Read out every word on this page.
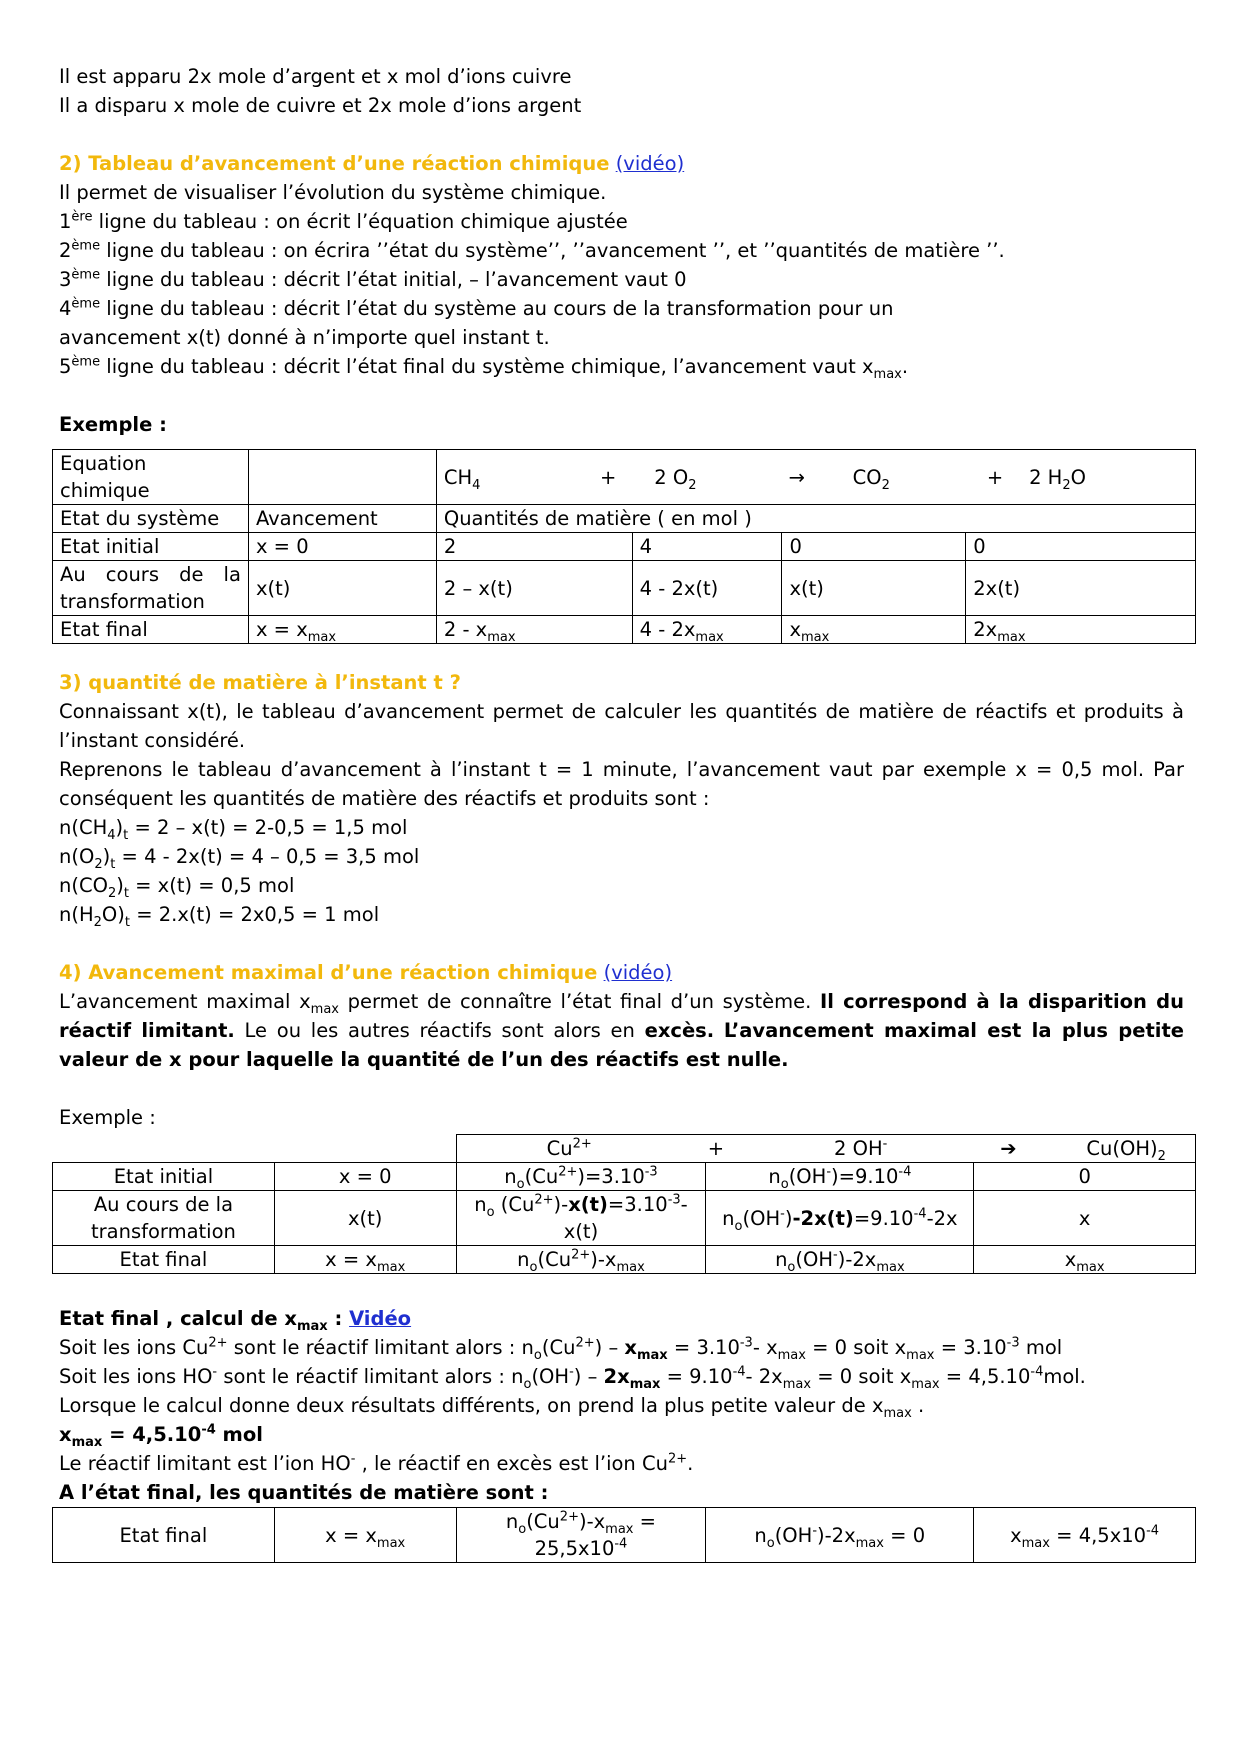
Il est apparu 2x mole d’argent et x mol d’ions cuivre

Il a disparu x mole de cuivre et 2x mole d’ions argent

2) Tableau d’avancement d’une réaction chimique (vidéo)

Il permet de visualiser l’évolution du système chimique.

1ère ligne du tableau : on écrit l’équation chimique ajustée

2ème ligne du tableau : on écrira ’’état du système’’, ’’avancement ’’, et ’’quantités de matière ’’.

3ème ligne du tableau : décrit l’état initial, – l’avancement vaut 0

4ème ligne du tableau : décrit l’état du système au cours de la transformation pour un

avancement x(t) donné à n’importe quel instant t.

5ème ligne du tableau : décrit l’état final du système chimique, l’avancement vaut $x_{max}$.

Exemple :

Equation chimique		$CH_4 + 2$ $O_2 \to CO_2 + 2$ $H_2O$			
Etat du système	Avancement	Quantités de matière ( en mol )			
Etat initial	x = 0	2	4	0	0
Au cours de la transformation	x(t)	2 – x(t)	4 - 2x(t)	x(t)	2x(t)
Etat final	$x = x_{max}$	$2 - x_{max}$	$4 - 2x_{max}$	$x_{max}$	$2x_{max}$

3) quantité de matière à l’instant t ?

Connaissant x(t), le tableau d’avancement permet de calculer les quantités de matière de réactifs et produits à l’instant considéré.

Reprenons le tableau d’avancement à l’instant t = 1 minute, l’avancement vaut par exemple x = 0,5 mol. Par conséquent les quantités de matière des réactifs et produits sont :

$n(CH_4)_t = 2 - x(t) = 2-0,5 = 1,5$ mol

$n(O_2)_t = 4 - 2x(t) = 4 - 0,5 = 3,5$ mol

$n(CO_2)_t = x(t) = 0,5$ mol

$n(H_2O)_t = 2.x(t) = 2x0,5 = 1$ mol

4) Avancement maximal d’une réaction chimique (vidéo)

L’avancement maximal $x_{max}$ permet de connaître l’état final d’un système. Il correspond à la disparition du réactif limitant. Le ou les autres réactifs sont alors en excès. L’avancement maximal est la plus petite valeur de x pour laquelle la quantité de l’un des réactifs est nulle.

Exemple :

		$Cu^{2+} + 2$ OH- ➔ $Cu(OH)_2$
Etat initial	x = 0	$n_o(Cu^{2+})=3.10^{-3}$	$n_o(OH^-)=9.10^{-4}$	0
Au cours de la transformation	x(t)	$n_o$ $(Cu^{2+})-x(t)=3.10^{-3}-$
x(t)	$n_o(OH^-)-2x(t)=9.10^{-4}-2x$	x
Etat final	$x = x_{max}$	$n_o(Cu^{2+})-x_{max}$	$n_o(OH^-)-2x_{max}$	$x_{max}$

Etat final , calcul de $x_{max}$ : Vidéo

Soit les ions $Cu^{2+}$ sont le réactif limitant alors : $n_o(Cu^{2+}) - x_{max} = 3.10^{-3}-$ $x_{max} = 0$ soit $x_{max} = 3.10^{-3}$ mol

Soit les ions HO- sont le réactif limitant alors : $n_o(OH^-) - 2x_{max} = 9.10^{-4}-$ $2x_{max} = 0$ soit $x_{max} = 4,5.10^{-4}mol$.

Lorsque le calcul donne deux résultats différents, on prend la plus petite valeur de $x_{max}$ .

$x_{max} = 4,5.10^{-4}$ mol

Le réactif limitant est l’ion HO- , le réactif en excès est l’ion $Cu^{2+}$.

A l’état final, les quantités de matière sont :

Etat final	$x = x_{max}$	$n_o(Cu^{2+})-x_{max} = 25,5x10^{-4}$	$n_o(OH^-)-2x_{max} = 0$	$x_{max} = 4,5x10^{-4}$
